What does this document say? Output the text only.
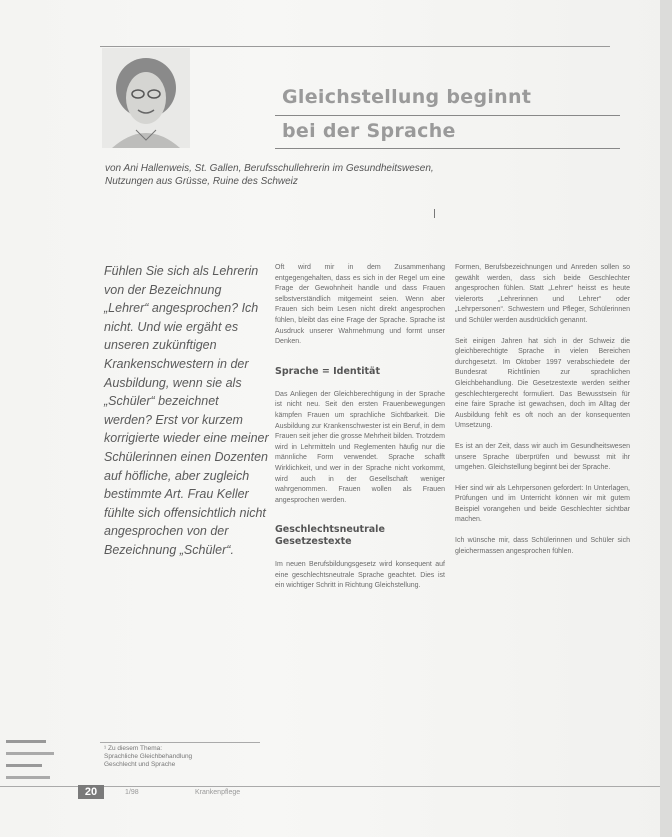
Gleichstellung beginnt
bei der Sprache
von Ani Hallenweis, St. Gallen, Berufsschullehrerin im Gesundheitswesen,
Nutzungen aus Grüsse, Ruine des Schweiz
Fühlen Sie sich als Lehrerin von der Bezeichnung „Lehrer“ angesprochen? Ich nicht. Und wie ergäht es unseren zukünftigen Krankenschwestern in der Ausbildung, wenn sie als „Schüler“ bezeichnet werden? Erst vor kurzem korrigierte wieder eine meiner Schülerinnen einen Dozenten auf höfliche, aber zugleich bestimmte Art. Frau Keller fühlte sich offensichtlich nicht angesprochen von der Bezeichnung „Schüler“.

Oft wird mir in dem Zusammenhang entgegengehalten, dass es sich in der Regel um eine Frage der Gewohnheit handle und dass Frauen selbstverständlich mitgemeint seien. Wenn aber Frauen sich beim Lesen nicht direkt angesprochen fühlen, bleibt das eine Frage der Sprache. Sprache ist Ausdruck unserer Wahrnehmung und formt unser Denken.

Sprache = Identität

Das Anliegen der Gleichberechtigung in der Sprache ist nicht neu. Seit den ersten Frauenbewegungen kämpfen Frauen um sprachliche Sichtbarkeit. Die Ausbildung zur Krankenschwester ist ein Beruf, in dem Frauen seit jeher die grosse Mehrheit bilden. Trotzdem wird in Lehrmitteln und Reglementen häufig nur die männliche Form verwendet. Sprache schafft Wirklichkeit, und wer in der Sprache nicht vorkommt, wird auch in der Gesellschaft weniger wahrgenommen. Frauen wollen als Frauen angesprochen werden.

Geschlechtsneutrale Gesetzestexte

Im neuen Berufsbildungsgesetz wird konsequent auf eine geschlechtsneutrale Sprache geachtet. Dies ist ein wichtiger Schritt in Richtung Gleichstellung.

Formen, Berufsbezeichnungen und Anreden sollen so gewählt werden, dass sich beide Geschlechter angesprochen fühlen. Statt „Lehrer“ heisst es heute vielerorts „Lehrerinnen und Lehrer“ oder „Lehrpersonen“. Schwestern und Pfleger, Schülerinnen und Schüler werden ausdrücklich genannt.

Seit einigen Jahren hat sich in der Schweiz die gleichberechtigte Sprache in vielen Bereichen durchgesetzt. Im Oktober 1997 verabschiedete der Bundesrat Richtlinien zur sprachlichen Gleichbehandlung. Die Gesetzestexte werden seither geschlechtergerecht formuliert. Das Bewusstsein für eine faire Sprache ist gewachsen, doch im Alltag der Ausbildung fehlt es oft noch an der konsequenten Umsetzung.

Es ist an der Zeit, dass wir auch im Gesundheitswesen unsere Sprache überprüfen und bewusst mit ihr umgehen. Gleichstellung beginnt bei der Sprache.

Hier sind wir als Lehrpersonen gefordert: In Unterlagen, Prüfungen und im Unterricht können wir mit gutem Beispiel vorangehen und beide Geschlechter sichtbar machen.

Ich wünsche mir, dass Schülerinnen und Schüler sich gleichermassen angesprochen fühlen.

¹ Zu diesem Thema:
Sprachliche Gleichbehandlung
Geschlecht und Sprache
20	1/98	Krankenpflege
